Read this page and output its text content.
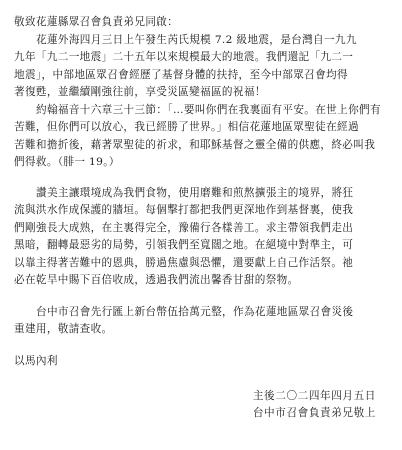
敬致花蓮縣眾召會負責弟兄同啟：
花蓮外海四月三日上午發生芮氏規模 7.2 級地震，是台灣自一九九
九年「九二一地震」二十五年以來規模最大的地震。我們還記「九二一
地震」，中部地區眾召會經歷了基督身體的扶持，至今中部眾召會均得
著復甦，並繼續剛強往前，享受災區變福區的祝福！
約翰福音十六章三十三節：「…要叫你們在我裏面有平安。在世上你們有
苦難，但你們可以放心，我已經勝了世界。」相信花蓮地區眾聖徒在經過
苦難和擔折後，藉著眾聖徒的祈求，和耶穌基督之靈全備的供應，終必叫我
們得救。（腓一 19。）
讚美主讓環境成為我們食物，使用磨難和煎熬擴張主的境界，將狂
流與洪水作成保護的牆垣。每個擊打都把我們更深地作到基督裏，使我
們剛強長大成熟，在主裏得完全，豫備行各樣善工。求主帶領我們走出
黑暗，翻轉最惡劣的局勢，引領我們至寬闊之地。在絕境中對準主，可
以靠主得著苦難中的恩典，勝過焦慮與恐懼，還要獻上自己作活祭。祂
必在乾旱中賜下百倍收成，透過我們流出馨香甘甜的祭物。
台中市召會先行匯上新台幣伍拾萬元整，作為花蓮地區眾召會災後
重建用，敬請查收。
以馬內利
主後二〇二四年四月五日
台中市召會負責弟兄敬上
